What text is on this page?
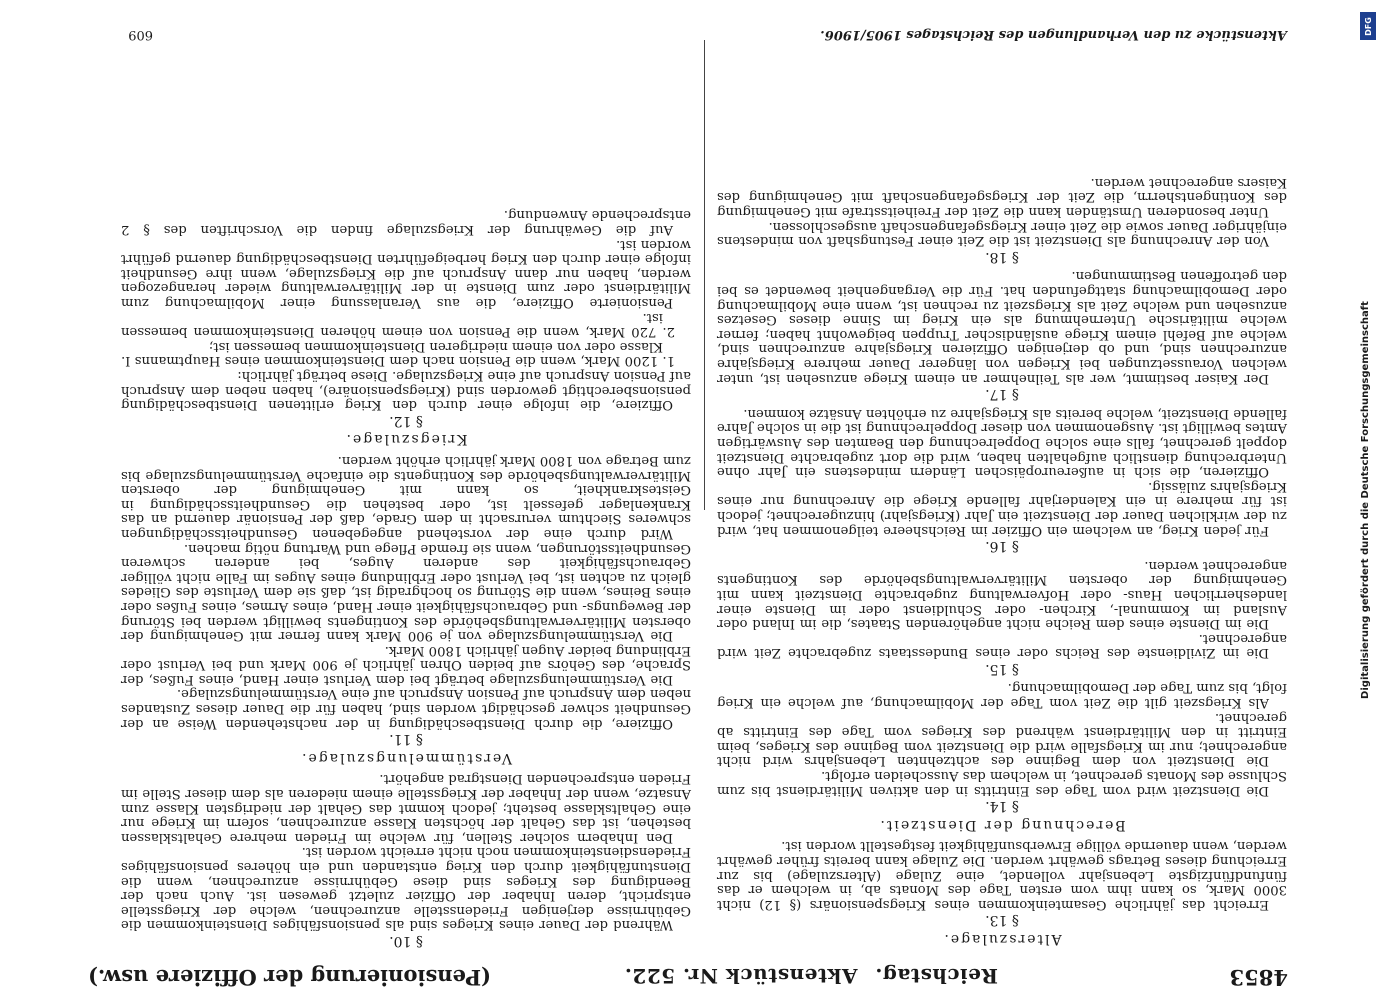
4853
Reichstag. Aktenstück Nr. 522.
(Pensionierung der Offiziere usw.)
Alterszulage.
§ 13.
Erreicht das jährliche Gesamteinkommen eines Kriegspensionärs (§ 12) nicht 3000 Mark, so kann ihm vom ersten Tage des Monats ab, in welchem er das fünfundfünfzigste Lebensjahr vollendet, eine Zulage (Alterszulage) bis zur Erreichung dieses Betrags gewährt werden. Die Zulage kann bereits früher gewährt werden, wenn dauernde völlige Erwerbsunfähigkeit festgestellt worden ist.
Berechnung der Dienstzeit.
§ 14.
Die Dienstzeit wird vom Tage des Eintritts in den aktiven Militärdienst bis zum Schlusse des Monats gerechnet, in welchem das Ausscheiden erfolgt.
Die Dienstzeit von dem Beginne des achtzehnten Lebensjahrs wird nicht angerechnet; nur im Kriegsfalle wird die Dienstzeit vom Beginne des Krieges, beim Eintritt in den Militärdienst während des Krieges vom Tage des Eintritts ab gerechnet.
Als Kriegszeit gilt die Zeit vom Tage der Mobilmachung, auf welche ein Krieg folgt, bis zum Tage der Demobilmachung.
§ 15.
Die im Zivildienste des Reichs oder eines Bundesstaats zugebrachte Zeit wird angerechnet.
Die im Dienste eines dem Reiche nicht angehörenden Staates, die im Inland oder Ausland im Kommunal-, Kirchen- oder Schuldienst oder im Dienste einer landesherrlichen Haus- oder Hofverwaltung zugebrachte Dienstzeit kann mit Genehmigung der obersten Militärverwaltungsbehörde des Kontingents angerechnet werden.
§ 16.
Für jeden Krieg, an welchem ein Offizier im Reichsheere teilgenommen hat, wird zu der wirklichen Dauer der Dienstzeit ein Jahr (Kriegsjahr) hinzugerechnet; jedoch ist für mehrere in ein Kalenderjahr fallende Kriege die Anrechnung nur eines Kriegsjahrs zulässig.
Offizieren, die sich in außereuropäischen Ländern mindestens ein Jahr ohne Unterbrechung dienstlich aufgehalten haben, wird die dort zugebrachte Dienstzeit doppelt gerechnet, falls eine solche Doppelrechnung den Beamten des Auswärtigen Amtes bewilligt ist. Ausgenommen von dieser Doppelrechnung ist die in solche Jahre fallende Dienstzeit, welche bereits als Kriegsjahre zu erhöhten Ansätze kommen.
§ 17.
Der Kaiser bestimmt, wer als Teilnehmer an einem Kriege anzusehen ist, unter welchen Voraussetzungen bei Kriegen von längerer Dauer mehrere Kriegsjahre anzurechnen sind, und ob derjenigen Offizieren Kriegsjahre anzurechnen sind, welche auf Befehl einem Kriege ausländischer Truppen beigewohnt haben; ferner welche militärische Unternehmung als ein Krieg im Sinne dieses Gesetzes anzusehen und welche Zeit als Kriegszeit zu rechnen ist, wenn eine Mobilmachung oder Demobilmachung stattgefunden hat. Für die Vergangenheit bewendet es bei den getroffenen Bestimmungen.
§ 18.
Von der Anrechnung als Dienstzeit ist die Zeit einer Festungshaft von mindestens einjähriger Dauer sowie die Zeit einer Kriegsgefangenschaft ausgeschlossen.
Unter besonderen Umständen kann die Zeit der Freiheitsstrafe mit Genehmigung des Kontingentsherrn, die Zeit der Kriegsgefangenschaft mit Genehmigung des Kaisers angerechnet werden.
§ 10.
Während der Dauer eines Krieges sind als pensionsfähiges Diensteinkommen die Gebührnisse derjenigen Friedensstelle anzurechnen, welche der Kriegsstelle entspricht, deren Inhaber der Offizier zuletzt gewesen ist. Auch nach der Beendigung des Krieges sind diese Gebührnisse anzurechnen, wenn die Dienstunfähigkeit durch den Krieg entstanden und ein höheres pensionsfähiges Friedensdiensteinkommen noch nicht erreicht worden ist.
Den Inhabern solcher Stellen, für welche im Frieden mehrere Gehaltsklassen bestehen, ist das Gehalt der höchsten Klasse anzurechnen, sofern im Kriege nur eine Gehaltsklasse besteht; jedoch kommt das Gehalt der niedrigsten Klasse zum Ansatze, wenn der Inhaber der Kriegsstelle einem niederen als dem dieser Stelle im Frieden entsprechenden Dienstgrad angehört.
Verstümmelungszulage.
§ 11.
Offiziere, die durch Dienstbeschädigung in der nachstehenden Weise an der Gesundheit schwer geschädigt worden sind, haben für die Dauer dieses Zustandes neben dem Anspruch auf Pension Anspruch auf eine Verstümmelungszulage.
Die Verstümmelungszulage beträgt bei dem Verlust einer Hand, eines Fußes, der Sprache, des Gehörs auf beiden Ohren jährlich je 900 Mark und bei Verlust oder Erblindung beider Augen jährlich 1800 Mark.
Die Verstümmelungszulage von je 900 Mark kann ferner mit Genehmigung der obersten Militärverwaltungsbehörde des Kontingents bewilligt werden bei Störung der Bewegungs- und Gebrauchsfähigkeit einer Hand, eines Armes, eines Fußes oder eines Beines, wenn die Störung so hochgradig ist, daß sie dem Verluste des Gliedes gleich zu achten ist, bei Verlust oder Erblindung eines Auges im Falle nicht völliger Gebrauchsfähigkeit des anderen Auges, bei anderen schweren Gesundheitsstörungen, wenn sie fremde Pflege und Wartung nötig machen.
Wird durch eine der vorstehend angegebenen Gesundheitsschädigungen schweres Siechtum verursacht in dem Grade, daß der Pensionär dauernd an das Krankenlager gefesselt ist, oder bestehen die Gesundheitsschädigung in Geisteskrankheit, so kann mit Genehmigung der obersten Militärverwaltungsbehörde des Kontingents die einfache Verstümmelungszulage bis zum Betrage von 1800 Mark jährlich erhöht werden.
Kriegszulage.
§ 12.
Offiziere, die infolge einer durch den Krieg erlittenen Dienstbeschädigung pensionsberechtigt geworden sind (Kriegspensionäre), haben neben dem Anspruch auf Pension Anspruch auf eine Kriegszulage. Diese beträgt jährlich:
1. 1200 Mark, wenn die Pension nach dem Diensteinkommen eines Hauptmanns I. Klasse oder von einem niedrigeren Diensteinkommen bemessen ist;
2. 720 Mark, wenn die Pension von einem höheren Diensteinkommen bemessen ist.
Pensionierte Offiziere, die aus Veranlassung einer Mobilmachung zum Militärdienst oder zum Dienste in der Militärverwaltung wieder herangezogen werden, haben nur dann Anspruch auf die Kriegszulage, wenn ihre Gesundheit infolge einer durch den Krieg herbeigeführten Dienstbeschädigung dauernd geführt worden ist.
Auf die Gewährung der Kriegszulage finden die Vorschriften des § 2 entsprechende Anwendung.
Aktenstücke zu den Verhandlungen des Reichstages 1905/1906.
609
Digitalisierung gefördert durch die Deutsche Forschungsgemeinschaft
DFG
